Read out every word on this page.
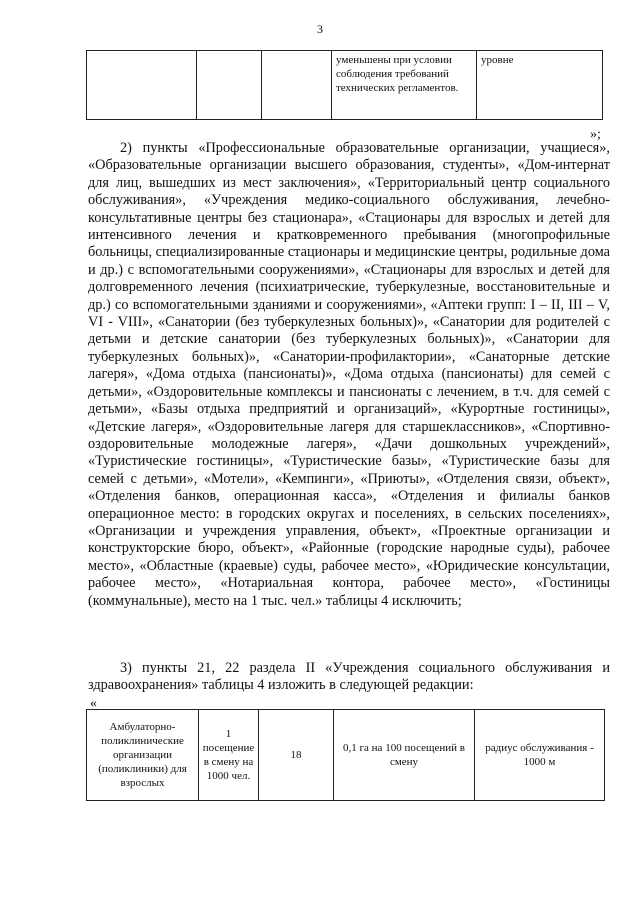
3
			уменьшены при условии соблюдения требований технических регламентов.	уровне
»;

2) пункты «Профессиональные образовательные организации, учащиеся», «Образовательные организации высшего образования, студенты», «Дом-интернат для лиц, вышедших из мест заключения», «Территориальный центр социального обслуживания», «Учреждения медико-социального обслуживания, лечебно-консультативные центры без стационара», «Стационары для взрослых и детей для интенсивного лечения и кратковременного пребывания (многопрофильные больницы, специализированные стационары и медицинские центры, родильные дома и др.) с вспомогательными сооружениями», «Стационары для взрослых и детей для долговременного лечения (психиатрические, туберкулезные, восстановительные и др.) со вспомогательными зданиями и сооружениями», «Аптеки групп: I – II, III – V, VI - VIII», «Санатории (без туберкулезных больных)», «Санатории для родителей с детьми и детские санатории (без туберкулезных больных)», «Санатории для туберкулезных больных)», «Санатории-профилактории», «Санаторные детские лагеря», «Дома отдыха (пансионаты)», «Дома отдыха (пансионаты) для семей с детьми», «Оздоровительные комплексы и пансионаты с лечением, в т.ч. для семей с детьми», «Базы отдыха предприятий и организаций», «Курортные гостиницы», «Детские лагеря», «Оздоровительные лагеря для старшеклассников», «Спортивно-оздоровительные молодежные лагеря», «Дачи дошкольных учреждений», «Туристические гостиницы», «Туристические базы», «Туристические базы для семей с детьми», «Мотели», «Кемпинги», «Приюты», «Отделения связи, объект», «Отделения банков, операционная касса», «Отделения и филиалы банков операционное место: в городских округах и поселениях, в сельских поселениях», «Организации и учреждения управления, объект», «Проектные организации и конструкторские бюро, объект», «Районные (городские народные суды), рабочее место», «Областные (краевые) суды, рабочее место», «Юридические консультации, рабочее место», «Нотариальная контора, рабочее место», «Гостиницы (коммунальные), место на 1 тыс. чел.» таблицы 4 исключить;

3) пункты 21, 22 раздела II «Учреждения социального обслуживания и здравоохранения» таблицы 4 изложить в следующей редакции:

«
Амбулаторно-поликлинические организации (поликлиники) для взрослых	1 посещение в смену на 1000 чел.	18	0,1 га на 100 посещений в смену	радиус обслуживания - 1000 м
